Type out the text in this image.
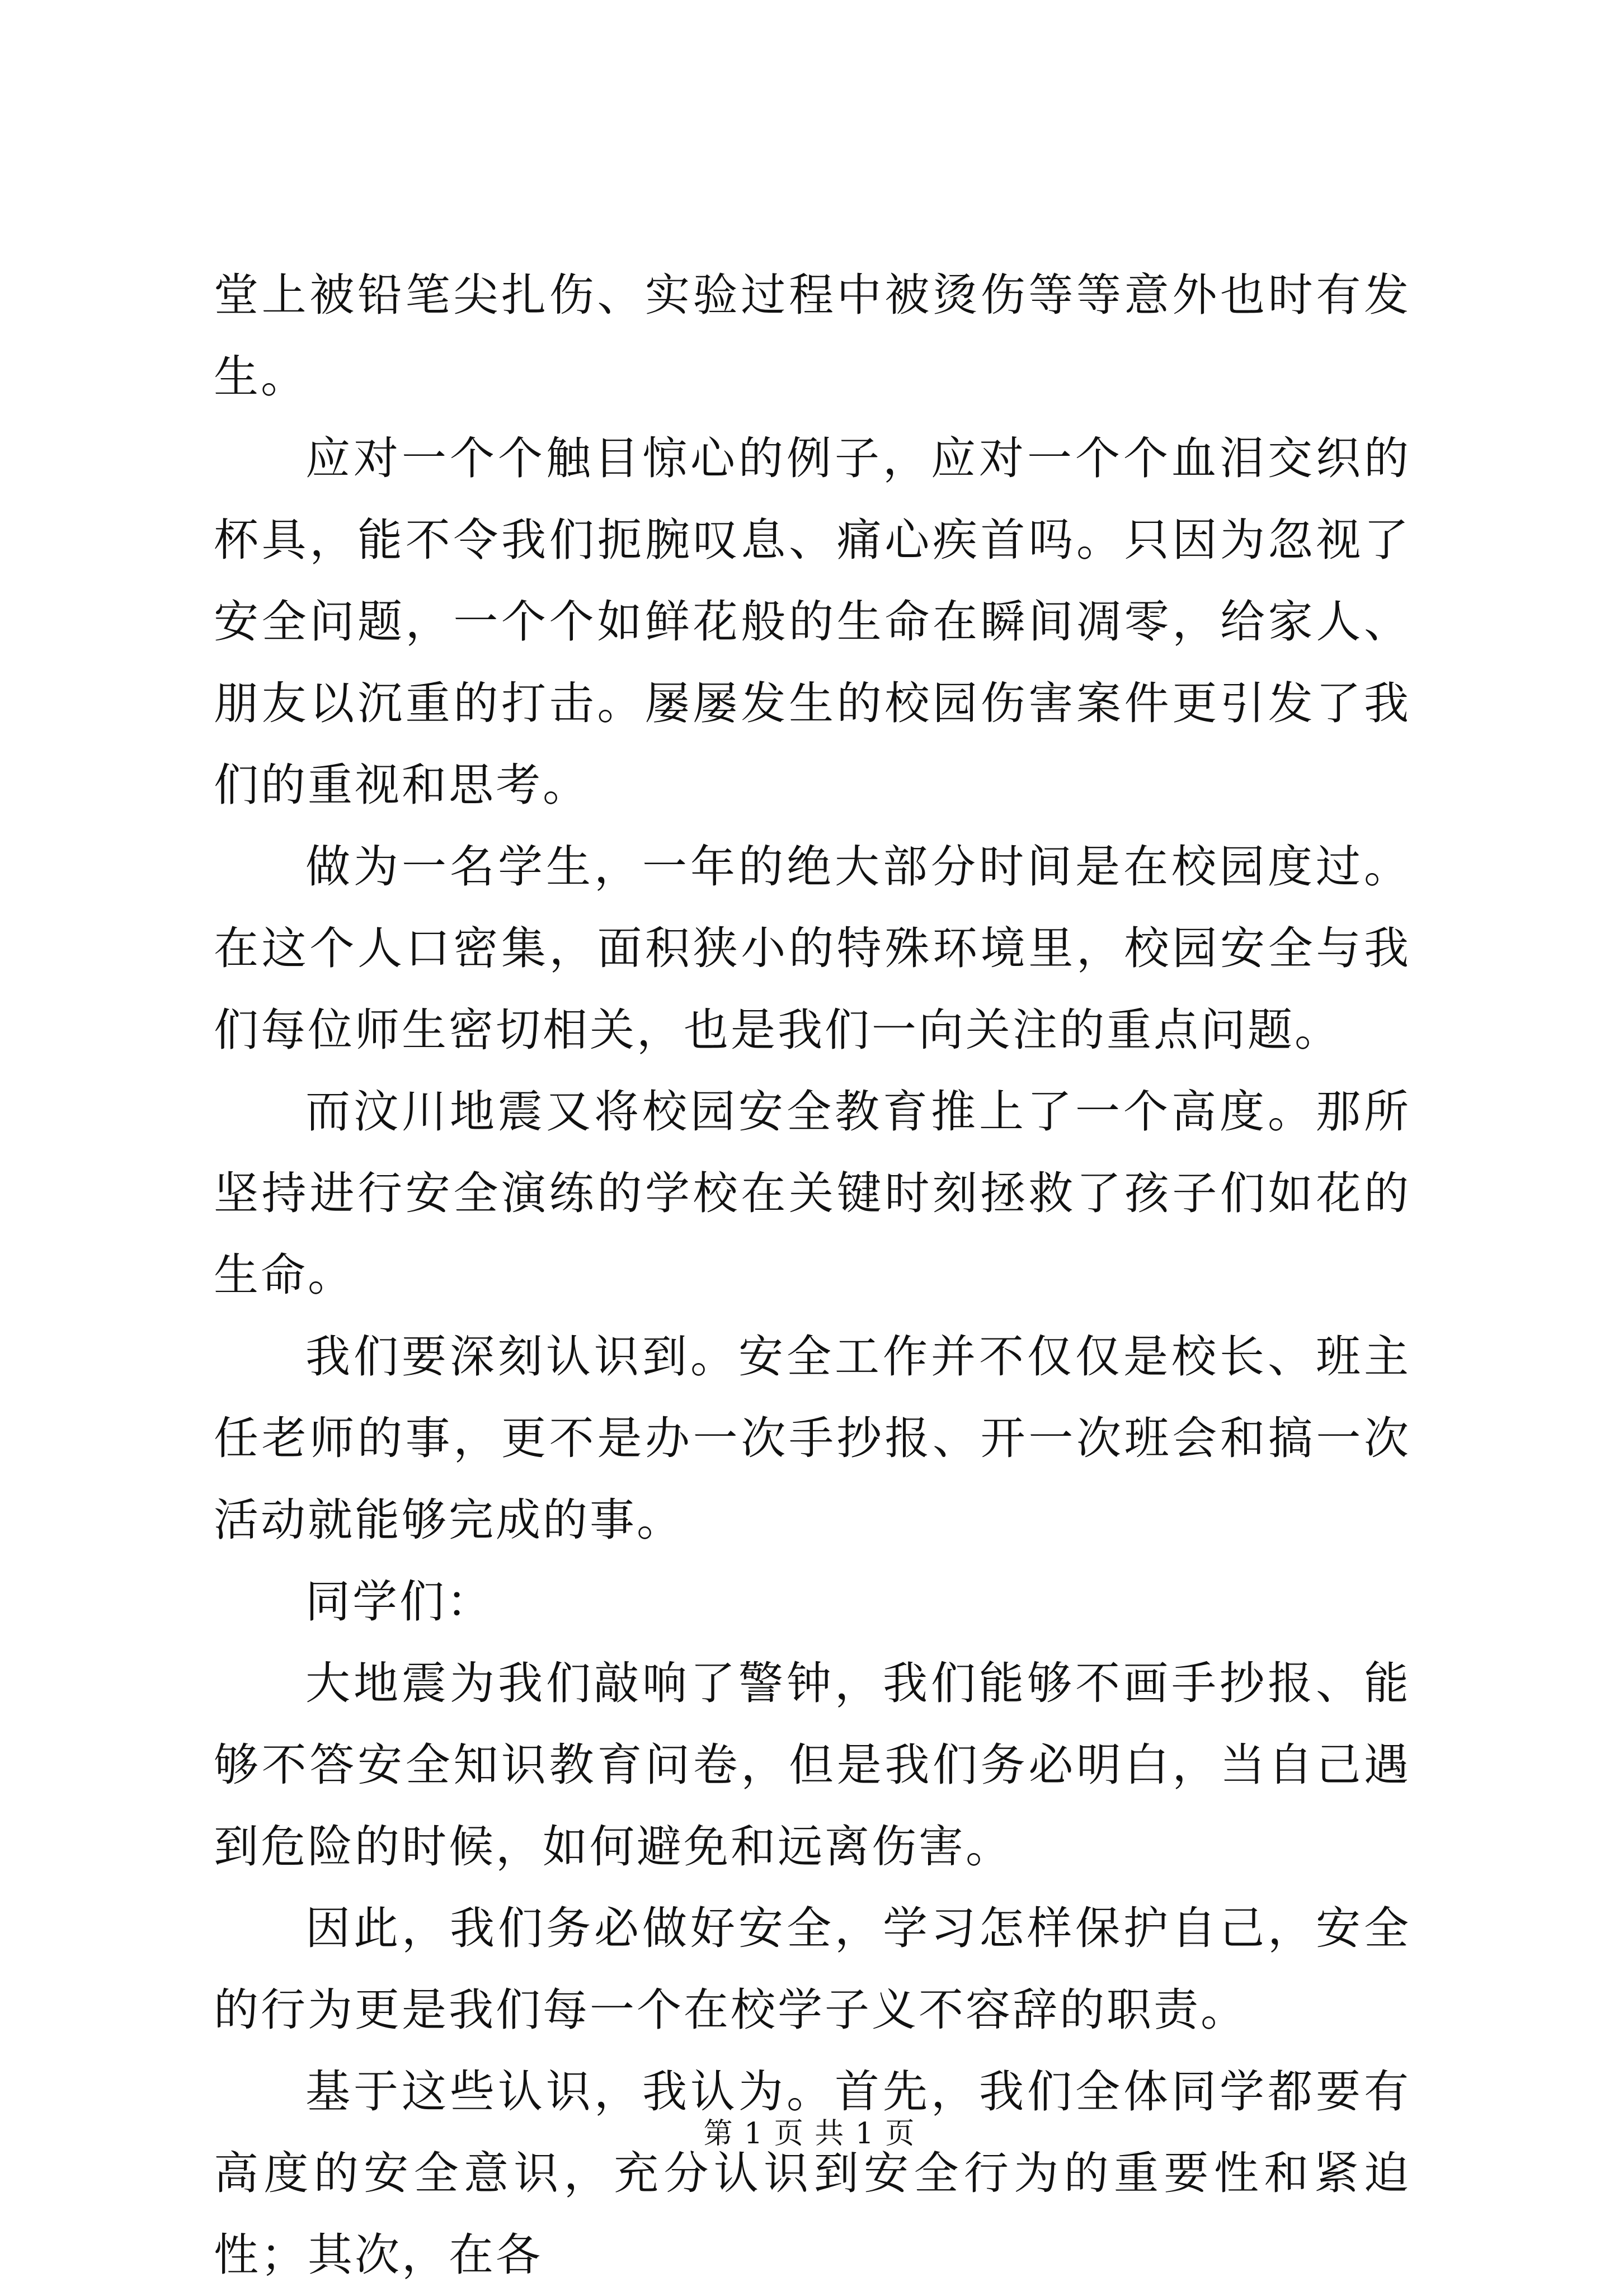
堂上被铅笔尖扎伤、实验过程中被烫伤等等意外也时有发生。

应对一个个触目惊心的例子，应对一个个血泪交织的杯具，能不令我们扼腕叹息、痛心疾首吗。只因为忽视了安全问题，一个个如鲜花般的生命在瞬间凋零，给家人、朋友以沉重的打击。屡屡发生的校园伤害案件更引发了我们的重视和思考。

做为一名学生，一年的绝大部分时间是在校园度过。在这个人口密集，面积狭小的特殊环境里，校园安全与我们每位师生密切相关，也是我们一向关注的重点问题。

而汶川地震又将校园安全教育推上了一个高度。那所坚持进行安全演练的学校在关键时刻拯救了孩子们如花的生命。

我们要深刻认识到。安全工作并不仅仅是校长、班主任老师的事，更不是办一次手抄报、开一次班会和搞一次活动就能够完成的事。

同学们：

大地震为我们敲响了警钟，我们能够不画手抄报、能够不答安全知识教育问卷，但是我们务必明白，当自己遇到危险的时候，如何避免和远离伤害。

因此，我们务必做好安全，学习怎样保护自己，安全的行为更是我们每一个在校学子义不容辞的职责。

基于这些认识，我认为。首先，我们全体同学都要有高度的安全意识，充分认识到安全行为的重要性和紧迫性；其次，在各

第 1 页 共 1 页
